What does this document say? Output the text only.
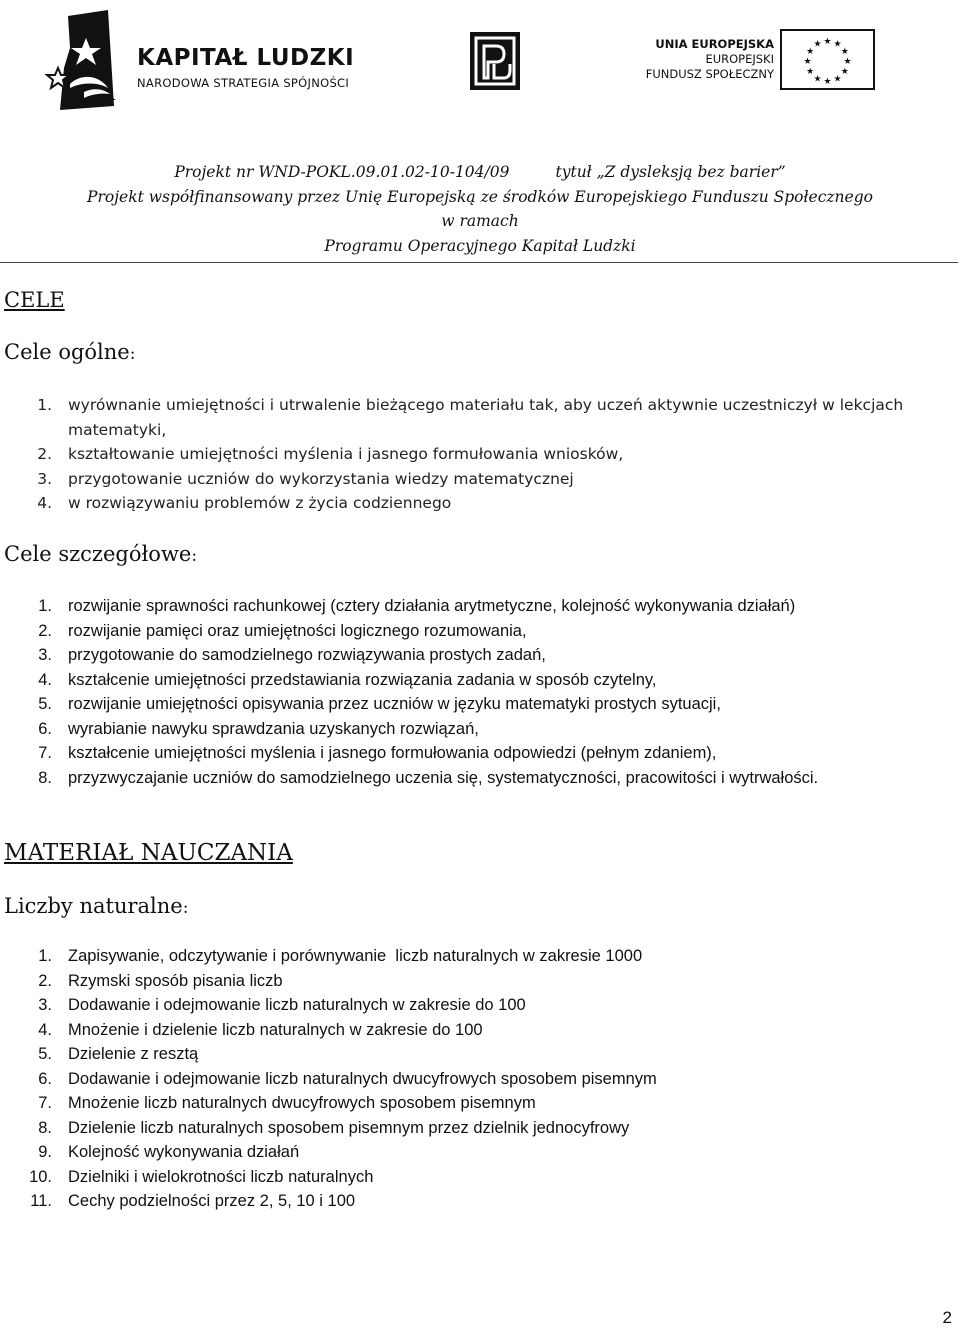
KAPITAŁ LUDZKI
NARODOWA STRATEGIA SPÓJNOŚCI
UNIA EUROPEJSKA
EUROPEJSKI
FUNDUSZ SPOŁECZNY
★ ★
★
★
★
★
★
★
★
★
★
★
Projekt nr WND-POKL.09.01.02-10-104/09	tytuł „Z dysleksją bez barier”
Projekt współfinansowany przez Unię Europejską ze środków Europejskiego Funduszu Społecznego
w ramach
Programu Operacyjnego Kapitał Ludzki
CELE
Cele ogólne:
1. wyrównanie umiejętności i utrwalenie bieżącego materiału tak, aby uczeń aktywnie uczestniczył w lekcjach
matematyki,
2. kształtowanie umiejętności myślenia i jasnego formułowania wniosków,
3. przygotowanie uczniów do wykorzystania wiedzy matematycznej
4. w rozwiązywaniu problemów z życia codziennego
Cele szczegółowe:
1. rozwijanie sprawności rachunkowej (cztery działania arytmetyczne, kolejność wykonywania działań)
2. rozwijanie pamięci oraz umiejętności logicznego rozumowania,
3. przygotowanie do samodzielnego rozwiązywania prostych zadań,
4. kształcenie umiejętności przedstawiania rozwiązania zadania w sposób czytelny,
5. rozwijanie umiejętności opisywania przez uczniów w języku matematyki prostych sytuacji,
6. wyrabianie nawyku sprawdzania uzyskanych rozwiązań,
7. kształcenie umiejętności myślenia i jasnego formułowania odpowiedzi (pełnym zdaniem),
8. przyzwyczajanie uczniów do samodzielnego uczenia się, systematyczności, pracowitości i wytrwałości.
MATERIAŁ NAUCZANIA
Liczby naturalne:
1. Zapisywanie, odczytywanie i porównywanie  liczb naturalnych w zakresie 1000
2. Rzymski sposób pisania liczb
3. Dodawanie i odejmowanie liczb naturalnych w zakresie do 100
4. Mnożenie i dzielenie liczb naturalnych w zakresie do 100
5. Dzielenie z resztą
6. Dodawanie i odejmowanie liczb naturalnych dwucyfrowych sposobem pisemnym
7. Mnożenie liczb naturalnych dwucyfrowych sposobem pisemnym
8. Dzielenie liczb naturalnych sposobem pisemnym przez dzielnik jednocyfrowy
9. Kolejność wykonywania działań
10. Dzielniki i wielokrotności liczb naturalnych
11. Cechy podzielności przez 2, 5, 10 i 100
2
